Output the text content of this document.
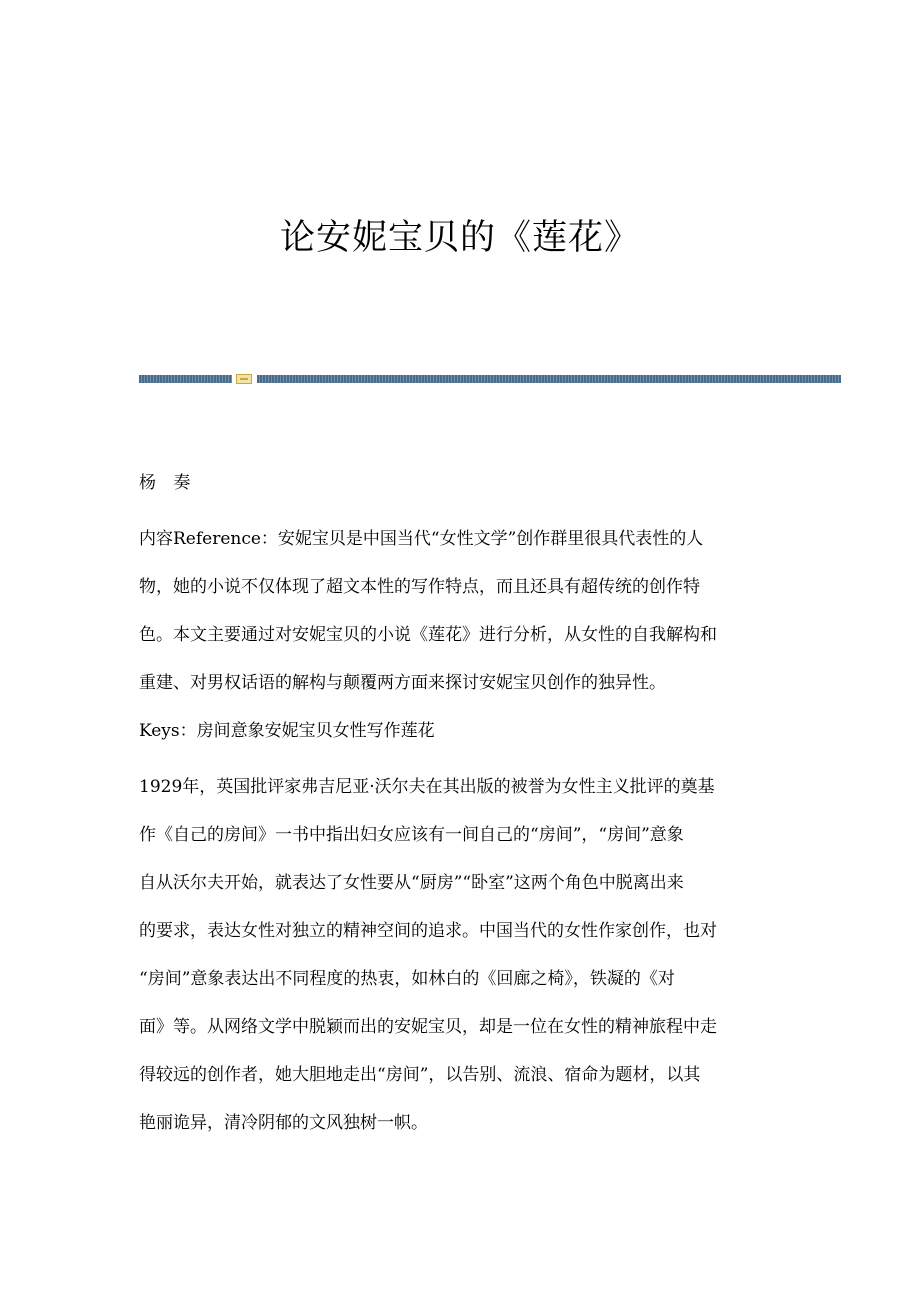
论安妮宝贝的《莲花》
杨 奏
内容Reference：安妮宝贝是中国当代“女性文学”创作群里很具代表性的人
物，她的小说不仅体现了超文本性的写作特点，而且还具有超传统的创作特
色。本文主要通过对安妮宝贝的小说《莲花》进行分析，从女性的自我解构和
重建、对男权话语的解构与颠覆两方面来探讨安妮宝贝创作的独异性。
Keys：房间意象安妮宝贝女性写作莲花
1929年，英国批评家弗吉尼亚·沃尔夫在其出版的被誉为女性主义批评的奠基
作《自己的房间》一书中指出妇女应该有一间自己的“房间”，“房间”意象
自从沃尔夫开始，就表达了女性要从“厨房”“卧室”这两个角色中脱离出来
的要求，表达女性对独立的精神空间的追求。中国当代的女性作家创作，也对
“房间”意象表达出不同程度的热衷，如林白的《回廊之椅》，铁凝的《对
面》等。从网络文学中脱颖而出的安妮宝贝，却是一位在女性的精神旅程中走
得较远的创作者，她大胆地走出“房间”，以告别、流浪、宿命为题材，以其
艳丽诡异，清冷阴郁的文风独树一帜。
